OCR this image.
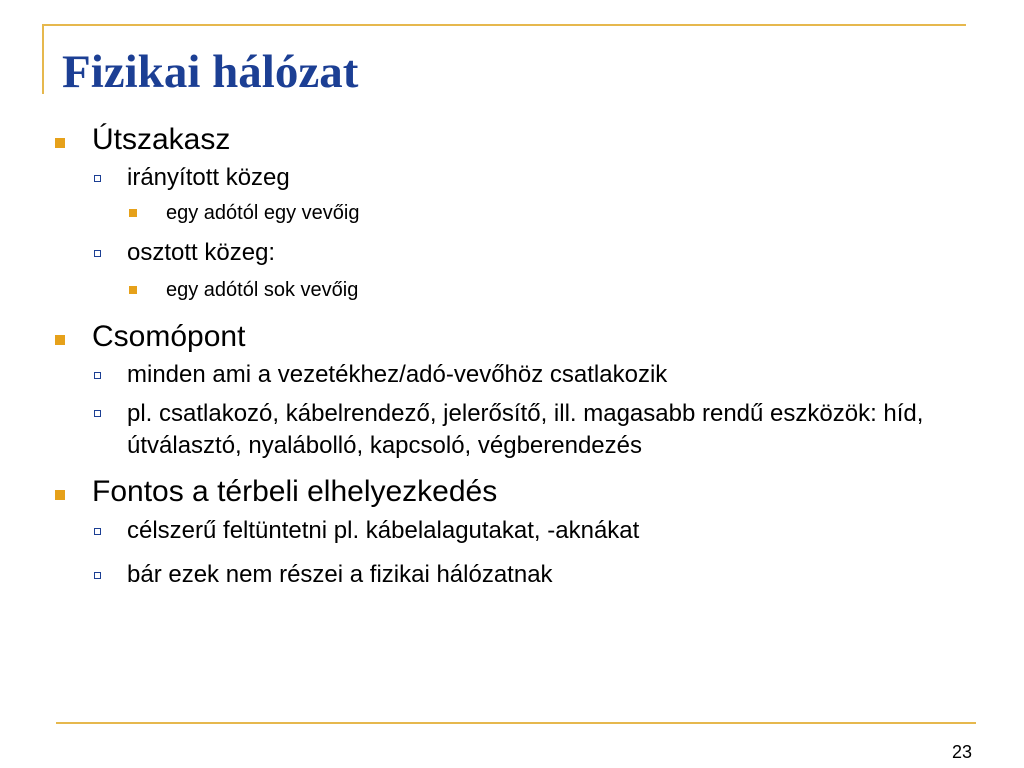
Fizikai hálózat
Útszakasz
irányított közeg
egy adótól egy vevőig
osztott közeg:
egy adótól sok vevőig
Csomópont
minden ami a vezetékhez/adó-vevőhöz csatlakozik
pl. csatlakozó, kábelrendező, jelerősítő, ill. magasabb rendű eszközök: híd, útválasztó, nyalábolló, kapcsoló, végberendezés
Fontos a térbeli elhelyezkedés
célszerű feltüntetni pl. kábelalagutakat, -aknákat
bár ezek nem részei a fizikai hálózatnak
23
